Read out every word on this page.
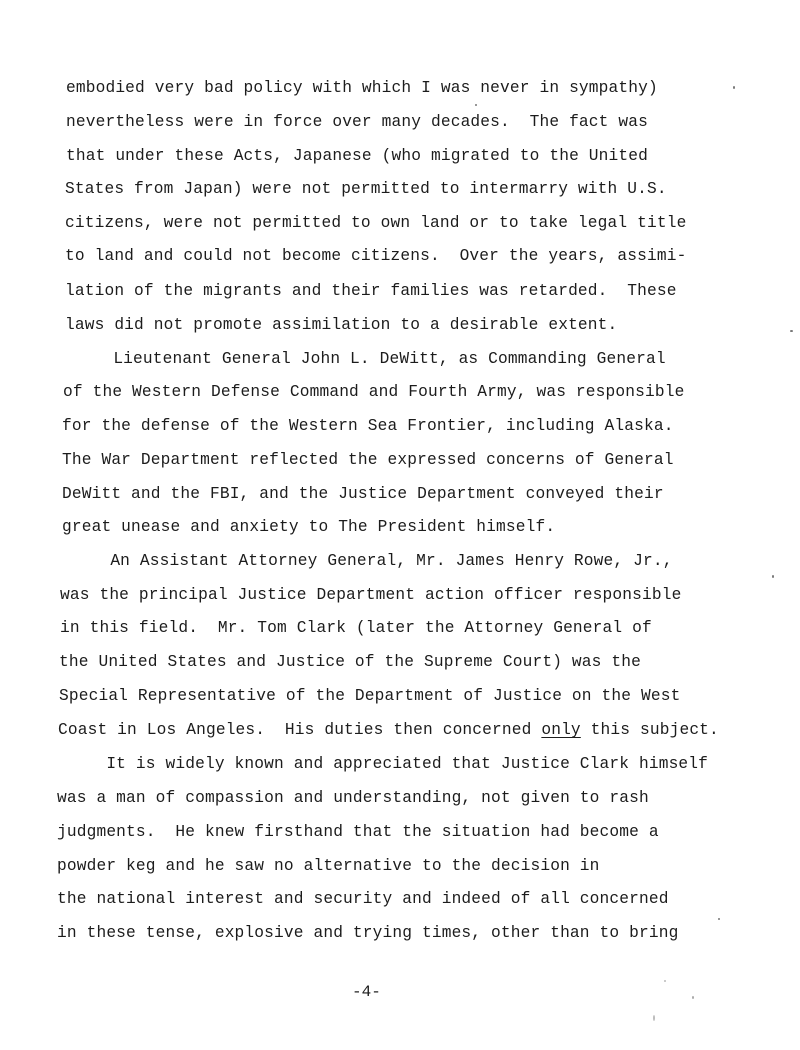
embodied very bad policy with which I was never in sympathy)
nevertheless were in force over many decades.  The fact was
that under these Acts, Japanese (who migrated to the United
States from Japan) were not permitted to intermarry with U.S.
citizens, were not permitted to own land or to take legal title
to land and could not become citizens.  Over the years, assimi-
lation of the migrants and their families was retarded.  These
laws did not promote assimilation to a desirable extent.
Lieutenant General John L. DeWitt, as Commanding General
of the Western Defense Command and Fourth Army, was responsible
for the defense of the Western Sea Frontier, including Alaska.
The War Department reflected the expressed concerns of General
DeWitt and the FBI, and the Justice Department conveyed their
great unease and anxiety to The President himself.
An Assistant Attorney General, Mr. James Henry Rowe, Jr.,
was the principal Justice Department action officer responsible
in this field.  Mr. Tom Clark (later the Attorney General of
the United States and Justice of the Supreme Court) was the
Special Representative of the Department of Justice on the West
Coast in Los Angeles.  His duties then concerned only this subject.
It is widely known and appreciated that Justice Clark himself
was a man of compassion and understanding, not given to rash
judgments.  He knew firsthand that the situation had become a
powder keg and he saw no alternative to the decision in
the national interest and security and indeed of all concerned
in these tense, explosive and trying times, other than to bring
-4-
